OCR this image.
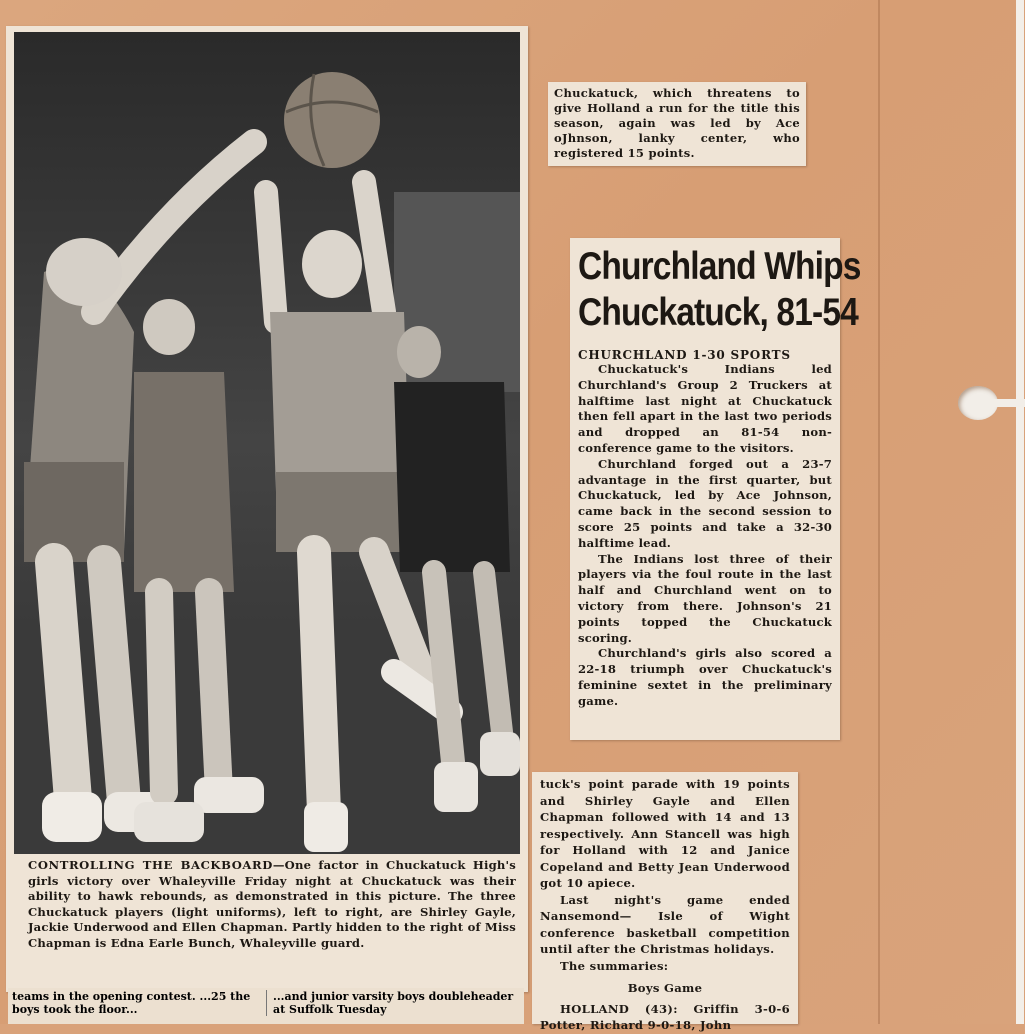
CONTROLLING THE BACKBOARD—One factor in Chuckatuck High's girls victory over Whaleyville Friday night at Chuckatuck was their ability to hawk rebounds, as demonstrated in this picture. The three Chuckatuck players (light uniforms), left to right, are Shirley Gayle, Jackie Underwood and Ellen Chapman. Partly hidden to the right of Miss Chapman is Edna Earle Bunch, Whaleyville guard.
teams in the opening contest. ...25 the boys took the floor...
...and junior varsity boys doubleheader at Suffolk Tuesday
Chuckatuck, which threatens to give Holland a run for the title this season, again was led by Ace oJhnson, lanky center, who registered 15 points.
Churchland Whips
Chuckatuck, 81-54
CHURCHLAND 1-30 SPORTS

Chuckatuck's Indians led Churchland's Group 2 Truckers at halftime last night at Chuckatuck then fell apart in the last two periods and dropped an 81-54 non-conference game to the visitors.

Churchland forged out a 23-7 advantage in the first quarter, but Chuckatuck, led by Ace Johnson, came back in the second session to score 25 points and take a 32-30 halftime lead.

The Indians lost three of their players via the foul route in the last half and Churchland went on to victory from there. Johnson's 21 points topped the Chuckatuck scoring.

Churchland's girls also scored a 22-18 triumph over Chuckatuck's feminine sextet in the preliminary game.

tuck's point parade with 19 points and Shirley Gayle and Ellen Chapman followed with 14 and 13 respectively. Ann Stancell was high for Holland with 12 and Janice Copeland and Betty Jean Underwood got 10 apiece.

Last night's game ended Nansemond— Isle of Wight conference basketball competition until after the Christmas holidays.

The summaries:

Boys Game

HOLLAND (43): Griffin 3-0-6 Potter, Richard 9-0-18, John
